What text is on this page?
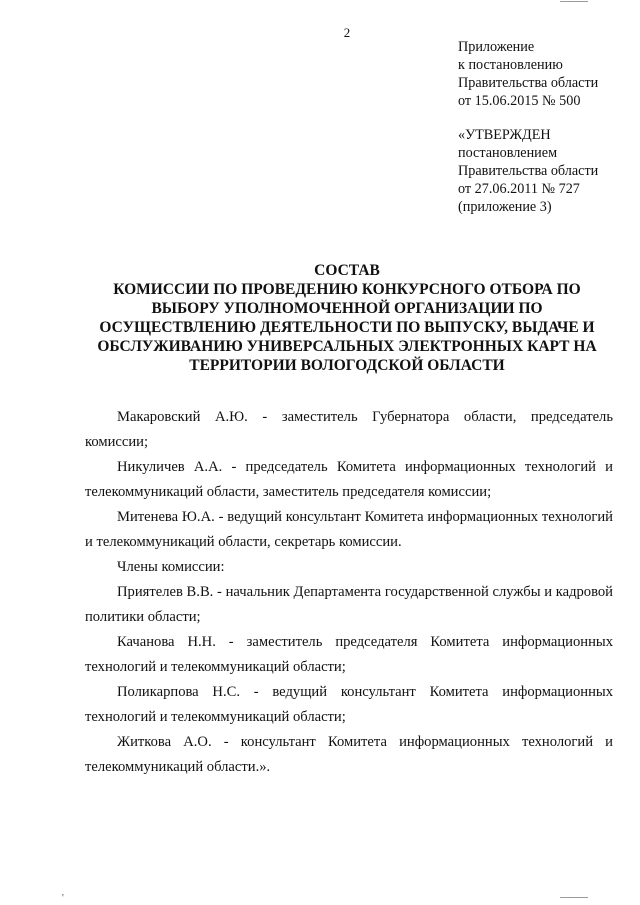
2
Приложение
к постановлению
Правительства области
от 15.06.2015 № 500
«УТВЕРЖДЕН
постановлением
Правительства области
от 27.06.2011 № 727
(приложение 3)
СОСТАВ
КОМИССИИ ПО ПРОВЕДЕНИЮ КОНКУРСНОГО ОТБОРА ПО
ВЫБОРУ УПОЛНОМОЧЕННОЙ ОРГАНИЗАЦИИ ПО
ОСУЩЕСТВЛЕНИЮ ДЕЯТЕЛЬНОСТИ ПО ВЫПУСКУ, ВЫДАЧЕ И
ОБСЛУЖИВАНИЮ УНИВЕРСАЛЬНЫХ ЭЛЕКТРОННЫХ КАРТ НА
ТЕРРИТОРИИ ВОЛОГОДСКОЙ ОБЛАСТИ

Макаровский А.Ю. - заместитель Губернатора области, председатель комиссии;

Никуличев А.А. - председатель Комитета информационных технологий и телекоммуникаций области, заместитель председателя комиссии;

Митенева Ю.А. - ведущий консультант Комитета информационных технологий и телекоммуникаций области, секретарь комиссии.

Члены комиссии:

Приятелев В.В. - начальник Департамента государственной службы и кадровой политики области;

Качанова Н.Н. - заместитель председателя Комитета информационных технологий и телекоммуникаций области;

Поликарпова Н.С. - ведущий консультант Комитета информационных технологий и телекоммуникаций области;

Житкова А.О. - консультант Комитета информационных технологий и телекоммуникаций области.».

———
———
'
